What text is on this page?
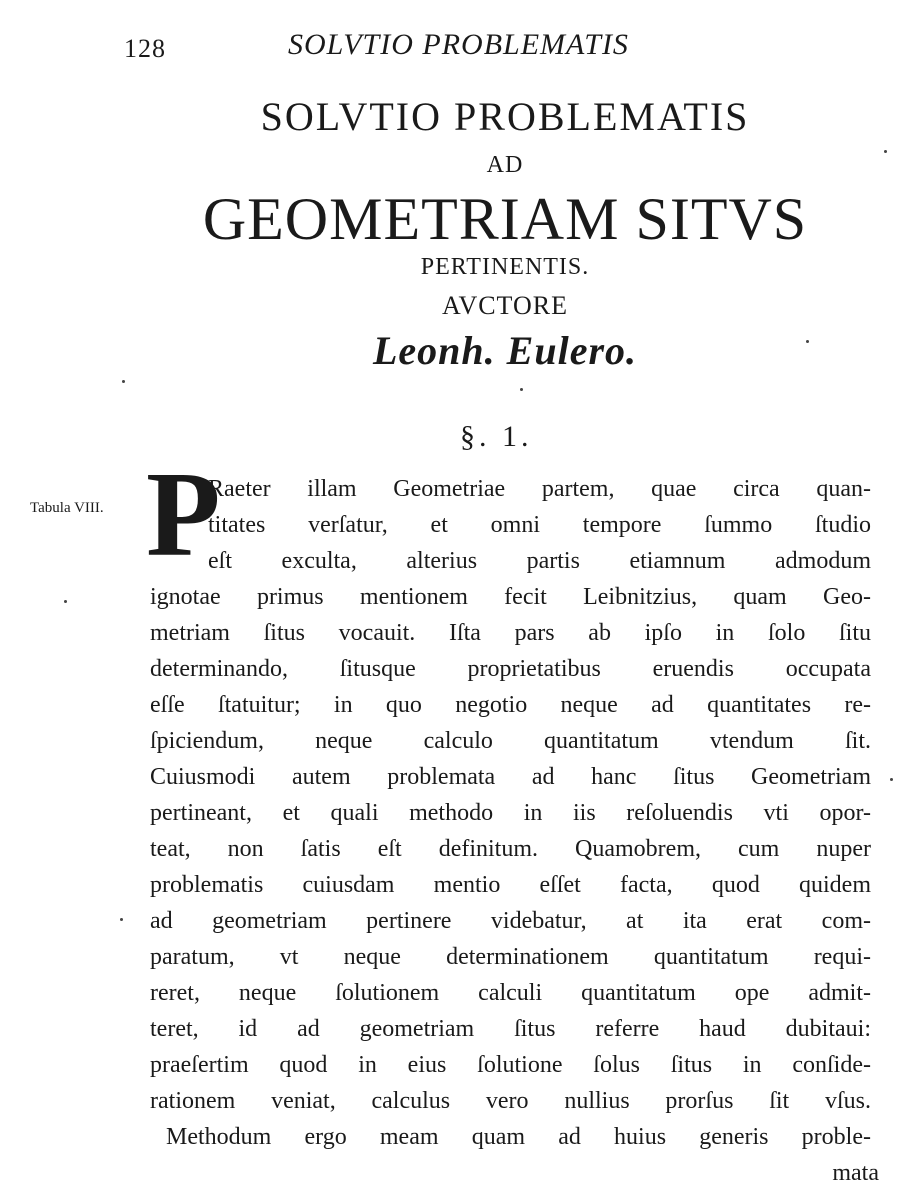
128	SOLVTIO PROBLEMATIS
SOLVTIO PROBLEMATIS
AD
GEOMETRIAM SITVS
PERTINENTIS.
AVCTORE
Leonh. Eulero.
§. 1.
Tabula VIII. P
Raeter illam Geometriae partem, quae circa quan-
titates verſatur, et omni tempore ſummo ſtudio
eſt exculta, alterius partis etiamnum admodum
ignotae primus mentionem fecit Leibnitzius, quam Geo-
metriam ſitus vocauit. Iſta pars ab ipſo in ſolo ſitu
determinando, ſitusque proprietatibus eruendis occupata
eſſe ſtatuitur; in quo negotio neque ad quantitates re-
ſpiciendum, neque calculo quantitatum vtendum ſit.
Cuiusmodi autem problemata ad hanc ſitus Geometriam
pertineant, et quali methodo in iis reſoluendis vti opor-
teat, non ſatis eſt definitum. Quamobrem, cum nuper
problematis cuiusdam mentio eſſet facta, quod quidem
ad geometriam pertinere videbatur, at ita erat com-
paratum, vt neque determinationem quantitatum requi-
reret, neque ſolutionem calculi quantitatum ope admit-
teret, id ad geometriam ſitus referre haud dubitaui:
praeſertim quod in eius ſolutione ſolus ſitus in conſide-
rationem veniat, calculus vero nullius prorſus ſit vſus.
Methodum ergo meam quam ad huius generis proble-
mata
